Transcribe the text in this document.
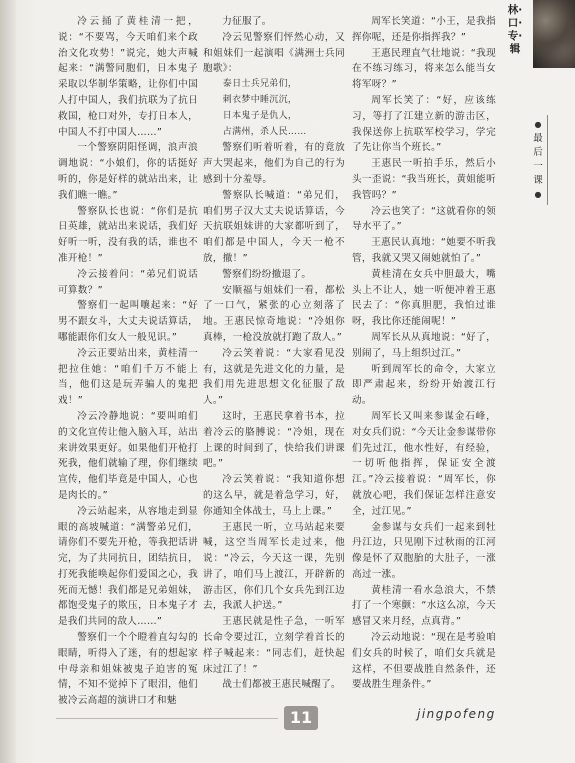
林·口·专·辑
●
最后一课
●

冷云捅了黄桂清一把，说：“不要骂，今天咱们来个政治文化攻势！”说完，她大声喊起来：“满警同胞们，日本鬼子采取以华制华策略，让你们中国人打中国人，我们抗联为了抗日救国，枪口对外，专打日本人，中国人不打中国人……”

一个警察阴阳怪调，浪声浪调地说：“小娘们，你的话挺好听的，你是好样的就站出来，让我们瞧一瞧。”

警察队长也说：“你们是抗日英雄，就站出来说话，我们好好听一听，没有我的话，谁也不准开枪！”

冷云接着问：“弟兄们说话可算数？”

警察们一起叫嚷起来：“好男不跟女斗，大丈夫说话算话，哪能跟你们女人一般见识。”

冷云正要站出来，黄桂清一把拉住她：“咱们千万不能上当，他们这是玩弄骗人的鬼把戏！”

冷云冷静地说：“要叫咱们的文化宣传让他入脑入耳，站出来讲效果更好。如果他们开枪打死我，他们就输了理，你们继续宣传，他们毕竟是中国人，心也是肉长的。”

冷云站起来，从容地走到显眼的高坡喊道：“满警弟兄们，请你们不要先开枪，等我把话讲完，为了共同抗日，团结抗日，打死我能唤起你们爱国之心，我死而无憾！我们都是兄弟姐妹，都饱受鬼子的欺压，日本鬼子才是我们共同的敌人……”

警察们一个个瞪着直勾勾的眼睛，听得入了迷，有的想起家中母亲和姐妹被鬼子迫害的冤情，不知不觉掉下了眼泪，他们被冷云高超的演讲口才和魅

力征服了。

冷云见警察们怦然心动，又和姐妹们一起演唱《满洲士兵同胞歌》：

泰日士兵兄弟们，

刺衣梦中睡沉沉，

日本鬼子是仇人，

占满州，杀人民……

警察们听着听着，有的竟放声大哭起来，他们为自己的行为感到十分羞辱。

警察队长喊道：“弟兄们，咱们男子汉大丈夫说话算话，今天抗联姐妹讲的大家都听到了，咱们都是中国人，今天一枪不放，撤！”

警察们纷纷撤退了。

安顺福与姐妹们一看，都松了一口气，紧张的心立刻落了地。王惠民惊奇地说：“冷姐你真棒，一枪没放就打跑了敌人。”

冷云笑着说：“大家看见没有，这就是先进文化的力量，是我们用先进思想文化征服了敌人。”

这时，王惠民拿着书本，拉着冷云的胳膊说：“冷姐，现在上课的时间到了，快给我们讲课吧。”

冷云笑着说：“我知道你想的这么早，就是着急学习，好，你通知全体战士，马上上课。”

王惠民一听，立马站起来要喊，这空当周军长走过来，他说：“冷云，今天这一课，先别讲了，咱们马上渡江，开辟新的游击区，你们几个女兵先到江边去，我派人护送。”

王惠民就是性子急，一听军长命令要过江，立刻学着首长的样子喊起来：“同志们，赶快起床过江了！”

战士们都被王惠民喊醒了。

周军长笑道：“小王，是我指挥你呢，还是你指挥我？”

王惠民理直气壮地说：“我现在不练习练习，将来怎么能当女将军呀？”

周军长笑了：“好，应该练习，等打了江建立新的游击区，我保送你上抗联军校学习，学完了先让你当个班长。”

王惠民一听拍手乐，然后小头一歪说：“我当班长，黄姐能听我管吗？”

冷云也笑了：“这就看你的领导水平了。”

王惠民认真地：“她要不听我管，我就又哭又闹她就怕了。”

黄桂清在女兵中胆最大，嘴头上不让人，她一听便冲着王惠民去了：“你真胆肥，我怕过谁呀，我比你还能闹呢！”

周军长从从真地说：“好了，别闹了，马上组织过江。”

听到周军长的命令，大家立即严肃起来，纷纷开始渡江行动。

周军长又叫来参谋金石峰，对女兵们说：“今天让金参谋带你们先过江，他水性好，有经验，一切听他指挥，保证安全渡江。”冷云接着说：“周军长，你就放心吧，我们保证怎样注意安全，过江见。”

金参谋与女兵们一起来到牡丹江边，只见刚下过秋雨的江河像是怀了双胞胎的大肚子，一涨高过一涨。

黄桂清一看水急浪大，不禁打了一个寒颤：“水这么凉，今天感冒又来月经，点真背。”

冷云动地说：“现在是考验咱们女兵的时候了，咱们女兵就是这样，不但要战胜自然条件，还要战胜生理条件。”

11	jingpofeng
